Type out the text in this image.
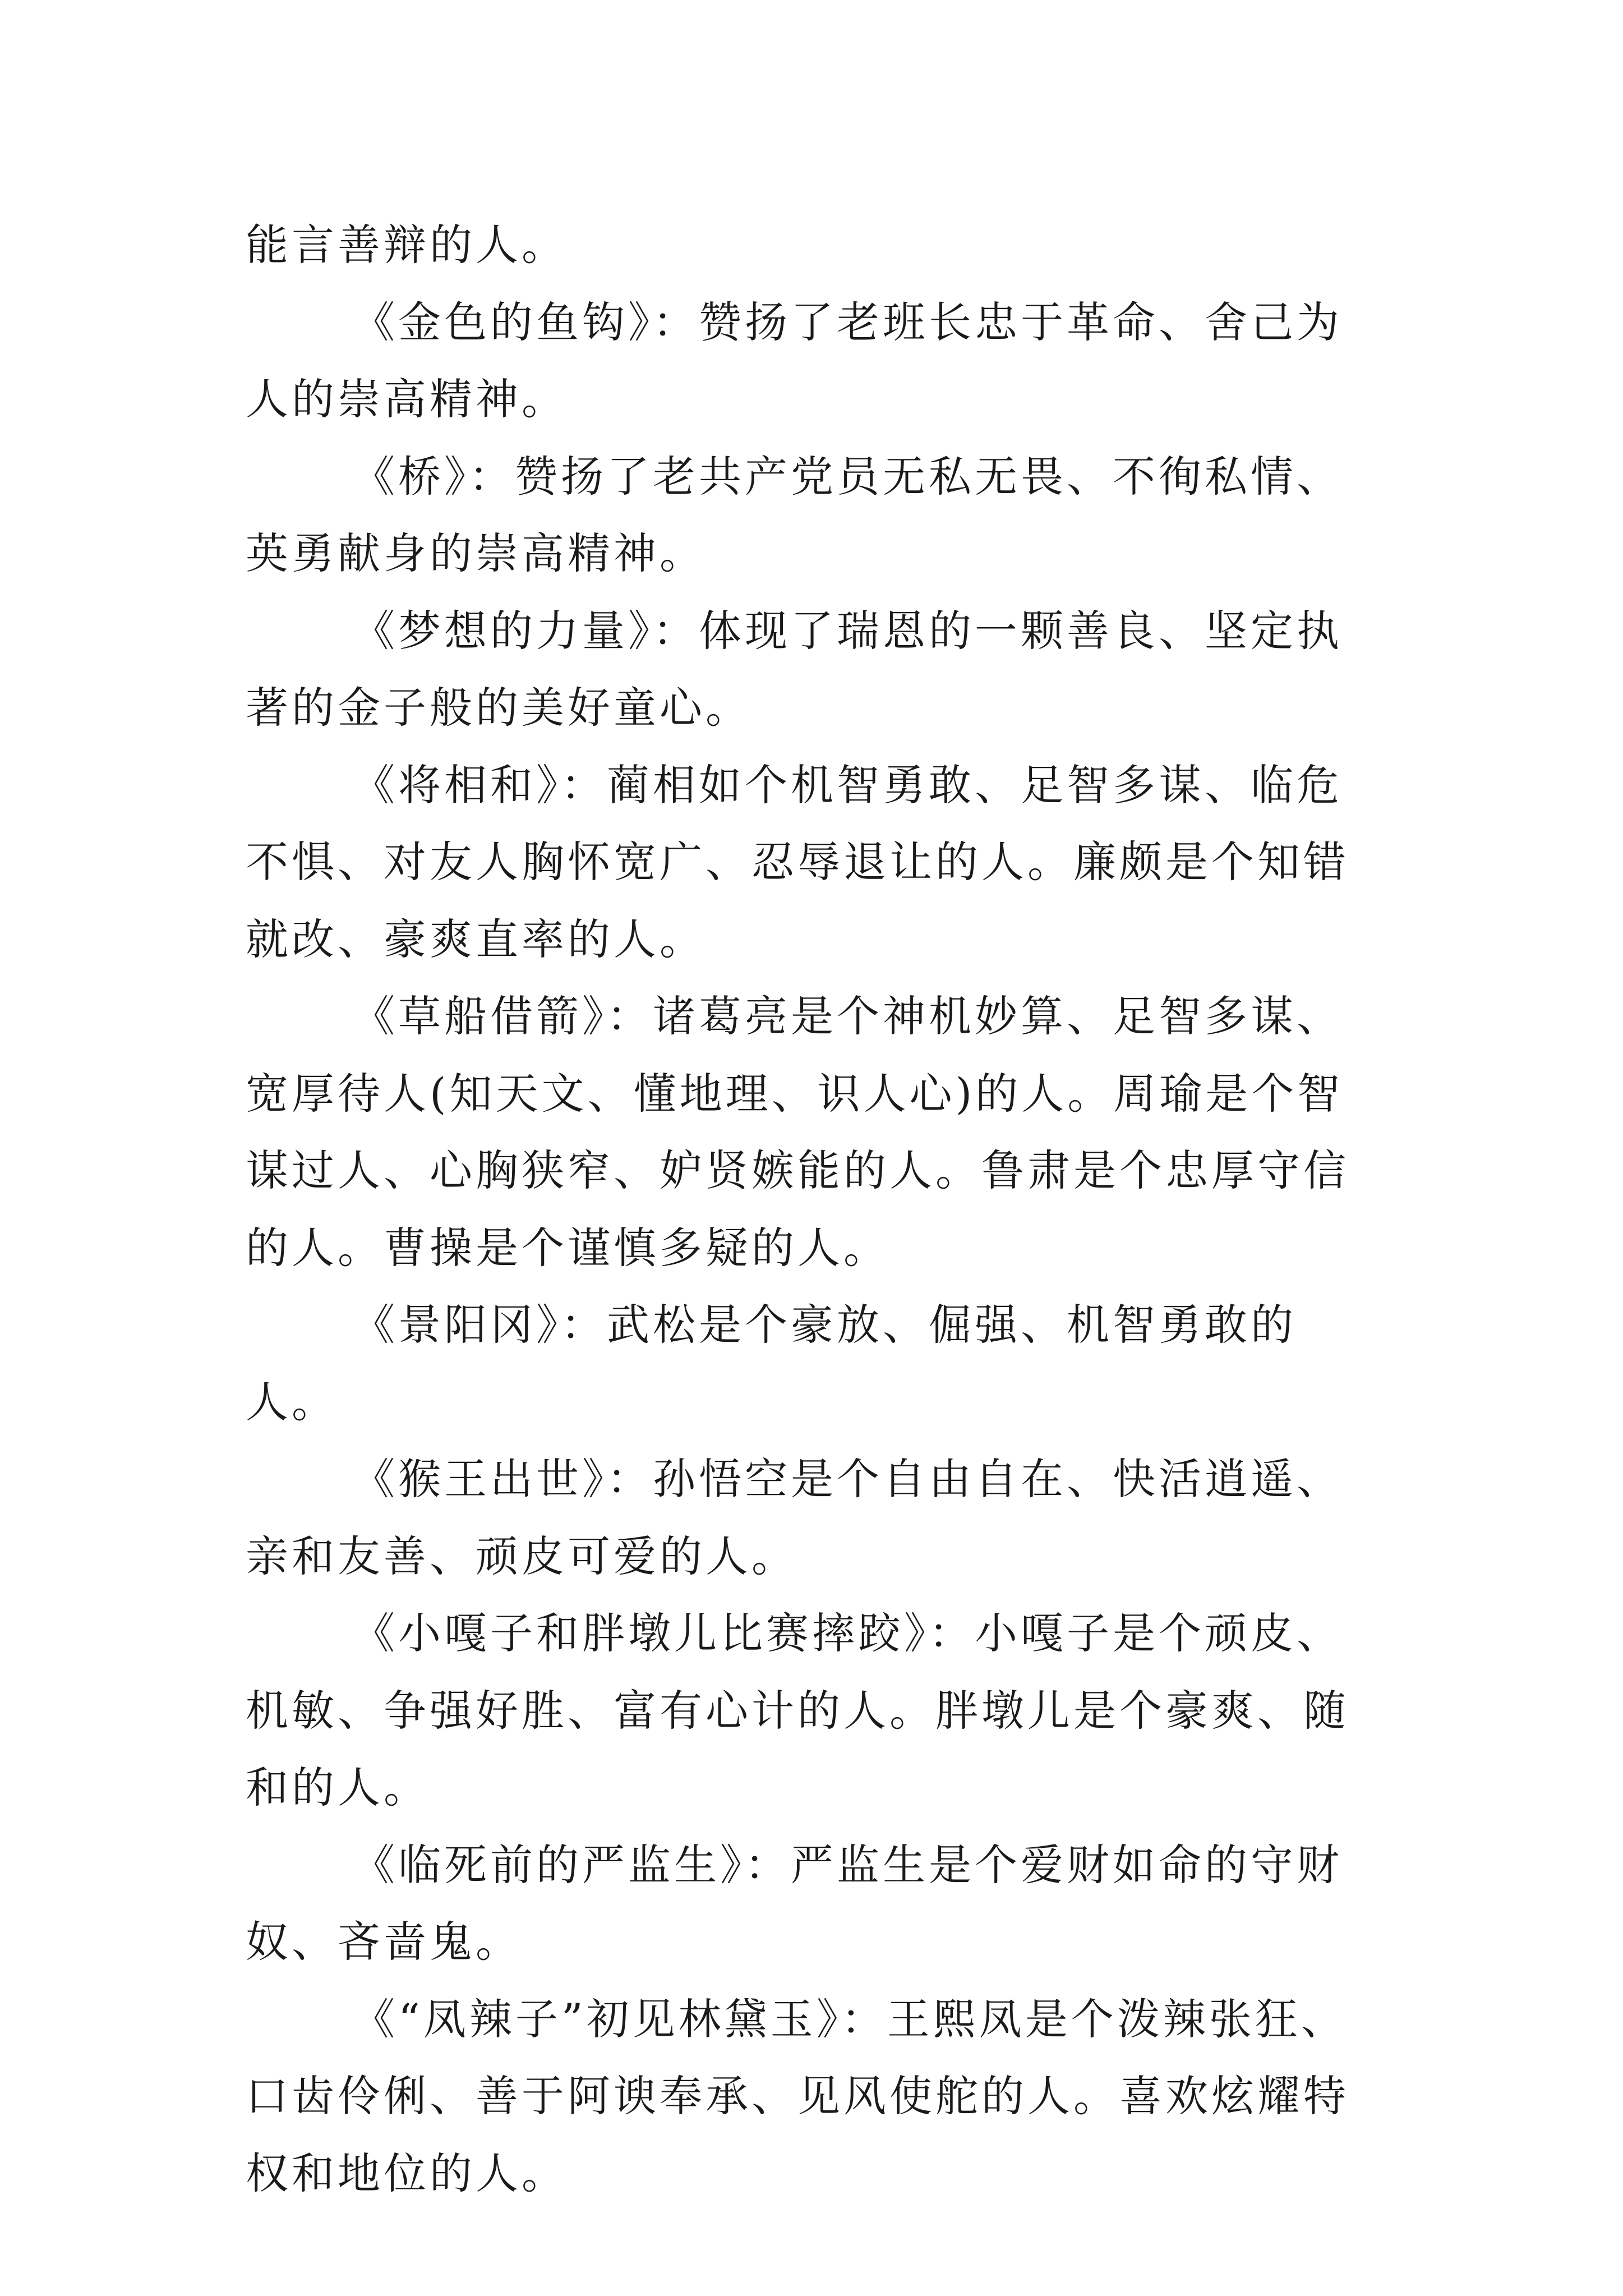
能言善辩的人。

《金色的鱼钩》：赞扬了老班长忠于革命、舍己为人的崇高精神。

《桥》：赞扬了老共产党员无私无畏、不徇私情、英勇献身的崇高精神。

《梦想的力量》：体现了瑞恩的一颗善良、坚定执著的金子般的美好童心。

《将相和》：蔺相如个机智勇敢、足智多谋、临危不惧、对友人胸怀宽广、忍辱退让的人。廉颇是个知错就改、豪爽直率的人。

《草船借箭》：诸葛亮是个神机妙算、足智多谋、宽厚待人(知天文、懂地理、识人心)的人。周瑜是个智谋过人、心胸狭窄、妒贤嫉能的人。鲁肃是个忠厚守信的人。曹操是个谨慎多疑的人。

《景阳冈》：武松是个豪放、倔强、机智勇敢的人。

《猴王出世》：孙悟空是个自由自在、快活逍遥、亲和友善、顽皮可爱的人。

《小嘎子和胖墩儿比赛摔跤》：小嘎子是个顽皮、机敏、争强好胜、富有心计的人。胖墩儿是个豪爽、随和的人。

《临死前的严监生》：严监生是个爱财如命的守财奴、吝啬鬼。

《“凤辣子”初见林黛玉》：王熙凤是个泼辣张狂、口齿伶俐、善于阿谀奉承、见风使舵的人。喜欢炫耀特权和地位的人。
